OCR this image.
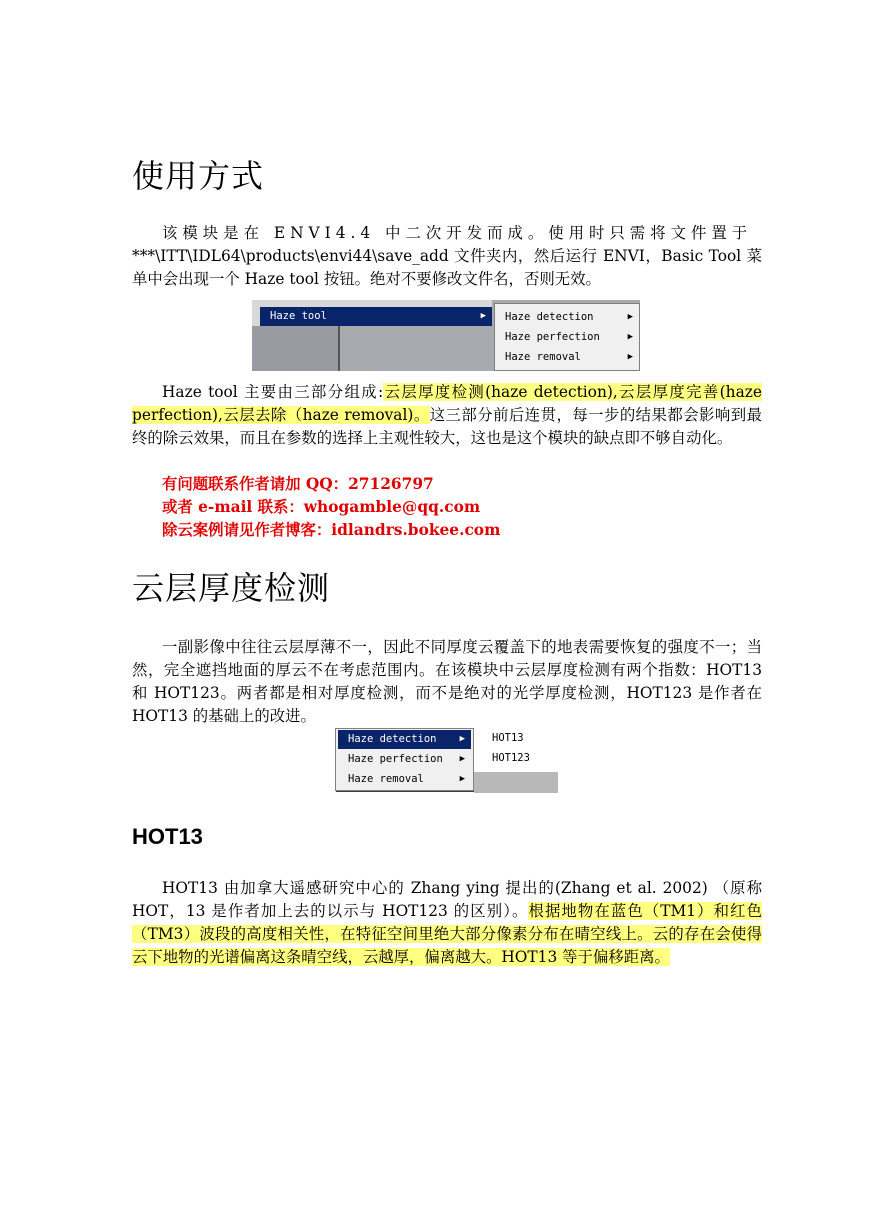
使用方式

该模块是在 ENVI4.4 中二次开发而成。使用时只需将文件置于
***\ITT\IDL64\products\envi44\save_add 文件夹内，然后运行 ENVI，Basic Tool 菜单中会出现一个 Haze tool 按钮。绝对不要修改文件名，否则无效。

Haze tool	▶	Haze detection	▶
Haze perfection	▶
Haze removal	▶

Haze tool 主要由三部分组成:云层厚度检测(haze detection),云层厚度完善(haze perfection),云层去除（haze removal)。这三部分前后连贯，每一步的结果都会影响到最终的除云效果，而且在参数的选择上主观性较大，这也是这个模块的缺点即不够自动化。

有问题联系作者请加 QQ：27126797
或者 e-mail 联系：whogamble@qq.com
除云案例请见作者博客：idlandrs.bokee.com
云层厚度检测

一副影像中往往云层厚薄不一，因此不同厚度云覆盖下的地表需要恢复的强度不一；当然，完全遮挡地面的厚云不在考虑范围内。在该模块中云层厚度检测有两个指数：HOT13 和 HOT123。两者都是相对厚度检测，而不是绝对的光学厚度检测，HOT123 是作者在 HOT13 的基础上的改进。

Haze detection	▶
Haze perfection ▶
Haze removal	▶
HOT13
HOT123
HOT13

HOT13 由加拿大遥感研究中心的 Zhang ying 提出的(Zhang et al. 2002) （原称HOT，13 是作者加上去的以示与 HOT123 的区别）。根据地物在蓝色（TM1）和红色（TM3）波段的高度相关性，在特征空间里绝大部分像素分布在晴空线上。云的存在会使得云下地物的光谱偏离这条晴空线，云越厚，偏离越大。HOT13 等于偏移距离。
